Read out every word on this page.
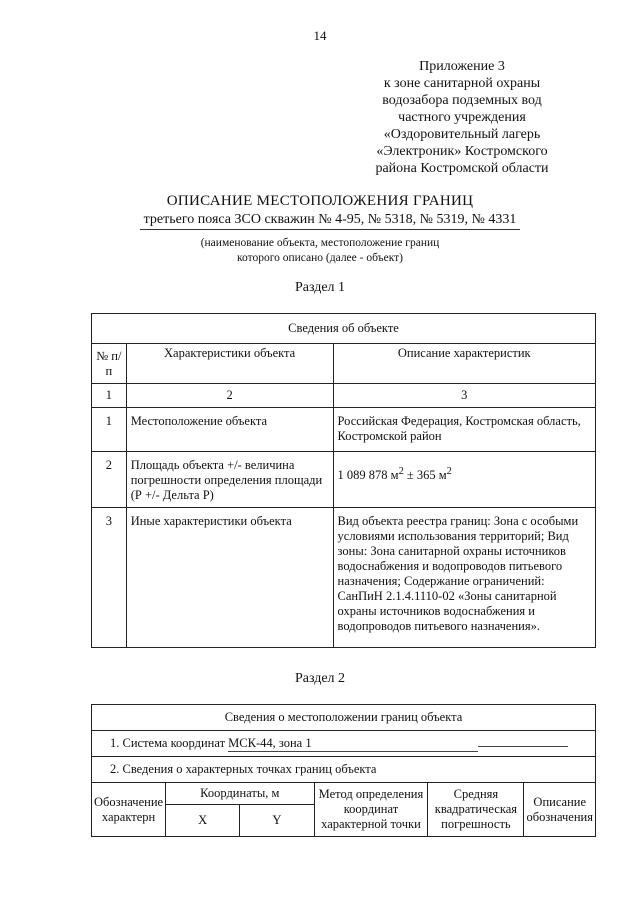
14
Приложение 3
к зоне санитарной охраны
водозабора подземных вод
частного учреждения
«Оздоровительный лагерь
«Электроник» Костромского
района Костромской области
ОПИСАНИЕ МЕСТОПОЛОЖЕНИЯ ГРАНИЦ
третьего пояса ЗСО скважин № 4-95, № 5318, № 5319, № 4331
(наименование объекта, местоположение границ
которого описано (далее - объект)
Раздел 1
Сведения об объекте		
№ п/п	Характеристики объекта	Описание характеристик
1	2	3
1	Местоположение объекта	Российская Федерация, Костромская область, Костромской район
2	Площадь объекта +/- величина погрешности определения площади (Р +/- Дельта Р)	1 089 878 $м^2 \pm 365$ $м^2$
3	Иные характеристики объекта	Вид объекта реестра границ: Зона с особыми условиями использования территорий; Вид зоны: Зона санитарной охраны источников водоснабжения и водопроводов питьевого назначения; Содержание ограничений: СанПиН 2.1.4.1110-02 «Зоны санитарной охраны источников водоснабжения и водопроводов питьевого назначения».
Раздел 2
Сведения о местоположении границ объекта					
1. Система координат МСК-44, зона 1					
2. Сведения о характерных точках границ объекта					
Обозначение характерн	Координаты, м		Метод определения координат характерной точки	Средняя квадратическая погрешность	Описание обозначения
	X	Y			
